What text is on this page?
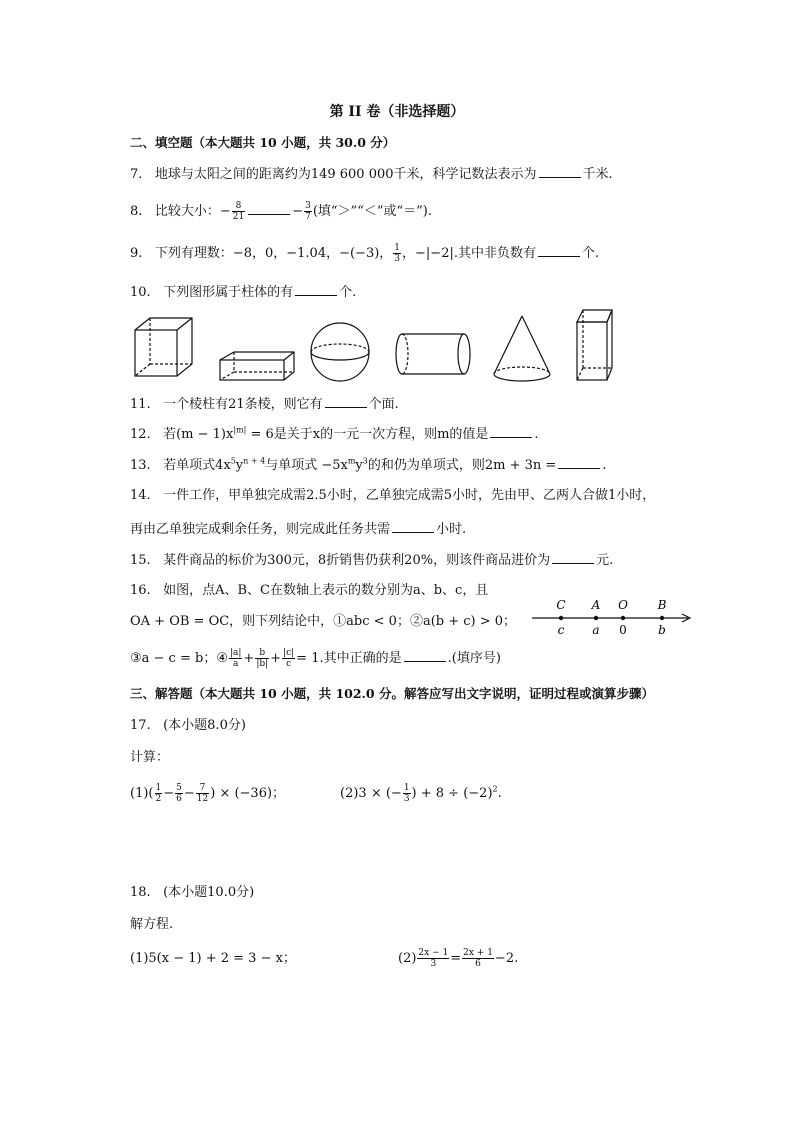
第 II 卷（非选择题）
二、填空题（本大题共 10 小题，共 30.0 分）
7. 地球与太阳之间的距离约为149 600 000千米，科学记数法表示为	千米.
8. 比较大小：− $\frac{8}{21}$	− $\frac{3}{7}$ (填“＞”“＜”或“＝”).
9. 下列有理数：−8，0，−1.04，−(−3)， $\frac{1}{3}$ ，−|−2|.其中非负数有	个.
10. 下列图形属于柱体的有	个.
11. 一个棱柱有21条棱，则它有	个面.
12. 若$(m - 1)x^{|m|} = 6$是关于x的一元一次方程，则m的值是	.
13. 若单项式$4x^5y^{n + 4}$与单项式 $-5x^my^3$的和仍为单项式，则2m + 3n =	.
14. 一件工作，甲单独完成需2.5小时，乙单独完成需5小时，先由甲、乙两人合做1小时，
再由乙单独完成剩余任务，则完成此任务共需	小时.
15. 某件商品的标价为300元，8折销售仍获利20%，则该件商品进价为	元.
16. 如图，点A、B、C在数轴上表示的数分别为a、b、c，且
OA + OB = OC，则下列结论中，①abc < 0；②a(b + c) > 0；
③a − c = b；④ $\frac{|a|}{a} + \frac{b}{|b|} + \frac{|c|}{c} = 1$.其中正确的是	.(填序号)
C A O B
c a 0	b
三、解答题（本大题共 10 小题，共 102.0 分。解答应写出文字说明，证明过程或演算步骤）
17. (本小题8.0分)
计算：
$(1)( \frac{1}{2} - \frac{5}{6} - \frac{7}{12}$ ) × (−36)；	(2)3 × (− $\frac{1}{3}$ ) + $8 \div (-2)^2$.
18. (本小题10.0分)
解方程.
(1)5(x − 1) + 2 = 3 − x；	$(2) \frac{2x - 1}{3} = \frac{2x + 1}{6} -2$.
